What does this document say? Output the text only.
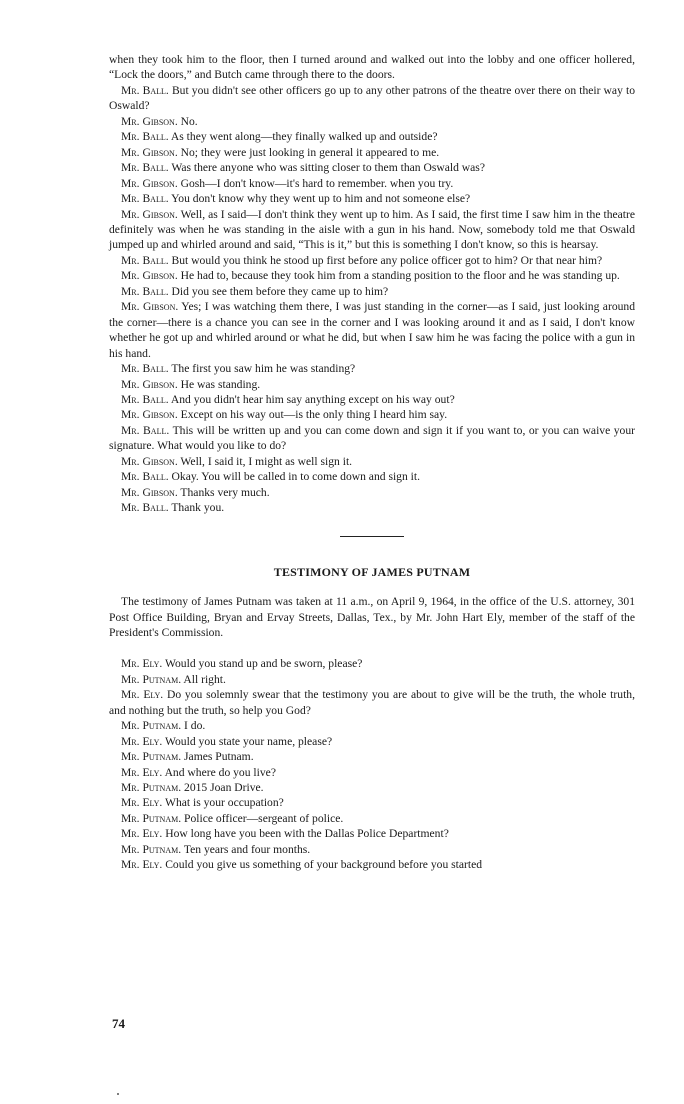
when they took him to the floor, then I turned around and walked out into the lobby and one officer hollered, “Lock the doors,” and Butch came through there to the doors.

Mr. Ball. But you didn't see other officers go up to any other patrons of the theatre over there on their way to Oswald?

Mr. Gibson. No.

Mr. Ball. As they went along—they finally walked up and outside?

Mr. Gibson. No; they were just looking in general it appeared to me.

Mr. Ball. Was there anyone who was sitting closer to them than Oswald was?

Mr. Gibson. Gosh—I don't know—it's hard to remember. when you try.

Mr. Ball. You don't know why they went up to him and not someone else?

Mr. Gibson. Well, as I said—I don't think they went up to him. As I said, the first time I saw him in the theatre definitely was when he was standing in the aisle with a gun in his hand. Now, somebody told me that Oswald jumped up and whirled around and said, “This is it,” but this is something I don't know, so this is hearsay.

Mr. Ball. But would you think he stood up first before any police officer got to him? Or that near him?

Mr. Gibson. He had to, because they took him from a standing position to the floor and he was standing up.

Mr. Ball. Did you see them before they came up to him?

Mr. Gibson. Yes; I was watching them there, I was just standing in the corner—as I said, just looking around the corner—there is a chance you can see in the corner and I was looking around it and as I said, I don't know whether he got up and whirled around or what he did, but when I saw him he was facing the police with a gun in his hand.

Mr. Ball. The first you saw him he was standing?

Mr. Gibson. He was standing.

Mr. Ball. And you didn't hear him say anything except on his way out?

Mr. Gibson. Except on his way out—is the only thing I heard him say.

Mr. Ball. This will be written up and you can come down and sign it if you want to, or you can waive your signature. What would you like to do?

Mr. Gibson. Well, I said it, I might as well sign it.

Mr. Ball. Okay. You will be called in to come down and sign it.

Mr. Gibson. Thanks very much.

Mr. Ball. Thank you.

TESTIMONY OF JAMES PUTNAM

The testimony of James Putnam was taken at 11 a.m., on April 9, 1964, in the office of the U.S. attorney, 301 Post Office Building, Bryan and Ervay Streets, Dallas, Tex., by Mr. John Hart Ely, member of the staff of the President's Commission.

Mr. Ely. Would you stand up and be sworn, please?

Mr. Putnam. All right.

Mr. Ely. Do you solemnly swear that the testimony you are about to give will be the truth, the whole truth, and nothing but the truth, so help you God?

Mr. Putnam. I do.

Mr. Ely. Would you state your name, please?

Mr. Putnam. James Putnam.

Mr. Ely. And where do you live?

Mr. Putnam. 2015 Joan Drive.

Mr. Ely. What is your occupation?

Mr. Putnam. Police officer—sergeant of police.

Mr. Ely. How long have you been with the Dallas Police Department?

Mr. Putnam. Ten years and four months.

Mr. Ely. Could you give us something of your background before you started

74
